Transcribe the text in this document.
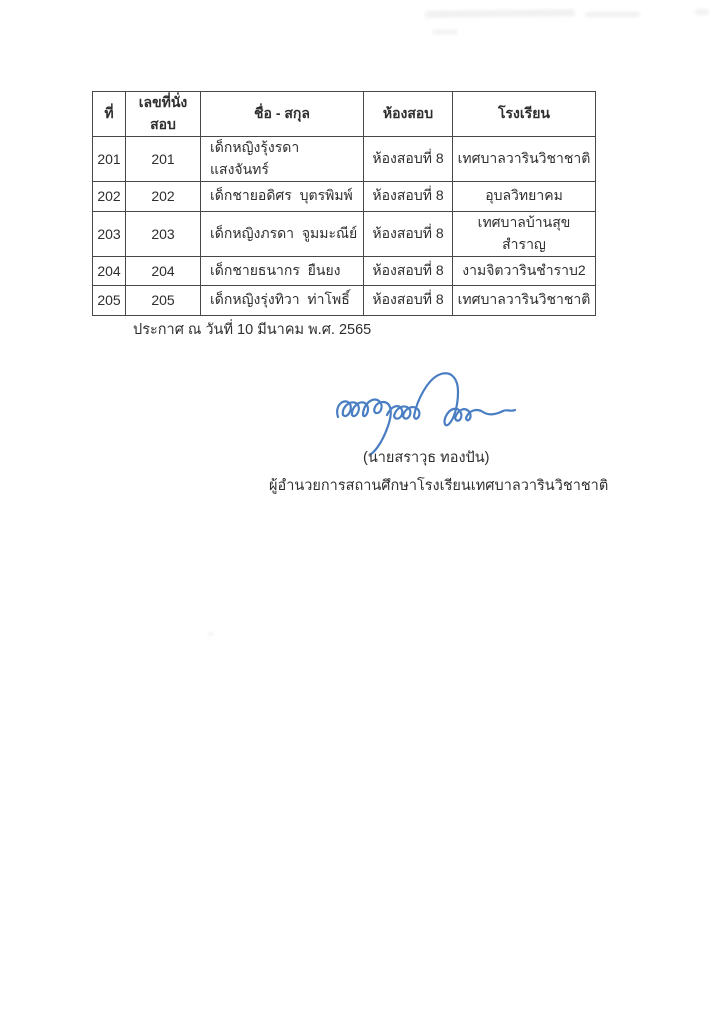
ที่	เลขที่นั่งสอบ	ชื่อ - สกุล	ห้องสอบ	โรงเรียน
201	201	เด็กหญิงรุ้งรดา  แสงจันทร์	ห้องสอบที่ 8	เทศบาลวารินวิชาชาติ
202	202	เด็กชายอดิศร  บุตรพิมพ์	ห้องสอบที่ 8	อุบลวิทยาคม
203	203	เด็กหญิงภรดา  จูมมะณีย์	ห้องสอบที่ 8	เทศบาลบ้านสุขสำราญ
204	204	เด็กชายธนากร  ยืนยง	ห้องสอบที่ 8	งามจิตวารินชำราบ2
205	205	เด็กหญิงรุ่งทิวา  ท่าโพธิ์	ห้องสอบที่ 8	เทศบาลวารินวิชาชาติ
ประกาศ ณ วันที่ 10 มีนาคม พ.ศ. 2565
(นายสราวุธ ทองปัน)
ผู้อำนวยการสถานศึกษาโรงเรียนเทศบาลวารินวิชาชาติ
